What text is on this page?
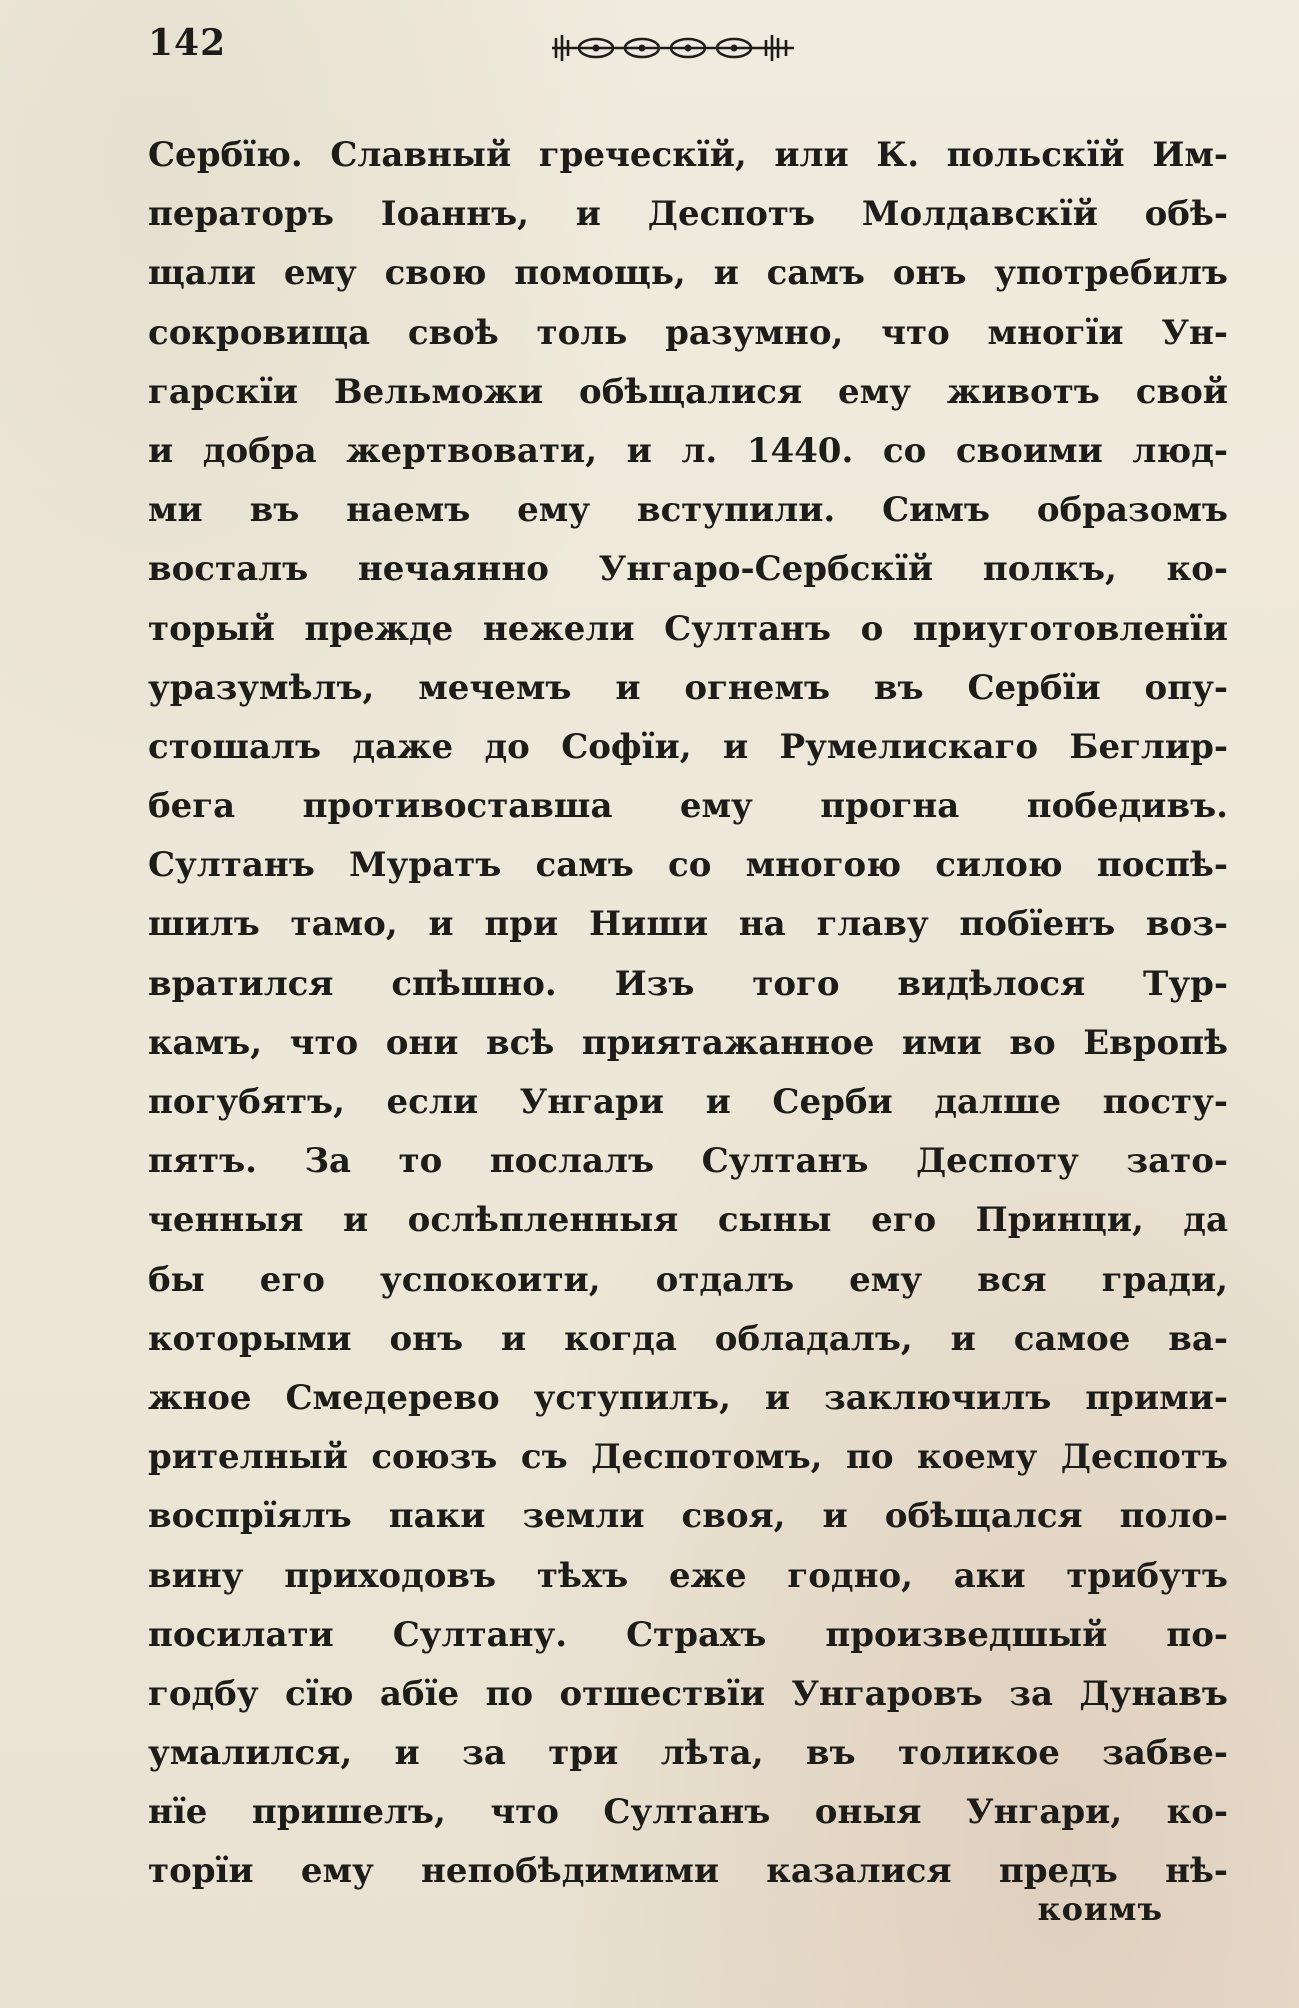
142
Сербїю. Славный греческїй, или К. польскїй Им-
ператоръ Iоаннъ, и Деспотъ Молдавскїй обѣ-
щали ему свою помощь, и самъ онъ употребилъ
сокровища своѣ толь разумно, что многїи Ун-
гарскїи Вельможи обѣщалися ему животъ свой
и добра жертвовати, и л. 1440. со своими люд-
ми въ наемъ ему вступили. Симъ образомъ
восталъ нечаянно Унгаро-Сербскїй полкъ, ко-
торый прежде нежели Султанъ о приуготовленїи
уразумѣлъ, мечемъ и огнемъ въ Сербїи опу-
стошалъ даже до Софїи, и Румелискаго Беглир-
бега противоставша ему прогна победивъ.
Султанъ Муратъ самъ со многою силою поспѣ-
шилъ тамо, и при Ниши на главу побїенъ воз-
вратился спѣшно. Изъ того видѣлося Тур-
камъ, что они всѣ приятажанное ими во Европѣ
погубятъ, если Унгари и Серби далше посту-
пятъ. За то послалъ Султанъ Деспоту зато-
ченныя и ослѣпленныя сыны его Принци, да
бы его успокоити, отдалъ ему вся гради,
которыми онъ и когда обладалъ, и самое ва-
жное Смедерево уступилъ, и заключилъ прими-
рителный союзъ съ Деспотомъ, по коему Деспотъ
воспрїялъ паки земли своя, и обѣщался поло-
вину приходовъ тѣхъ еже годно, аки трибутъ
посилати Султану. Страхъ произведшый по-
годбу сїю абїе по отшествїи Унгаровъ за Дунавъ
умалился, и за три лѣта, въ толикое забве-
нїе пришелъ, что Султанъ оныя Унгари, ко-
торїи ему непобѣдимими казалися предъ нѣ-
коимъ
